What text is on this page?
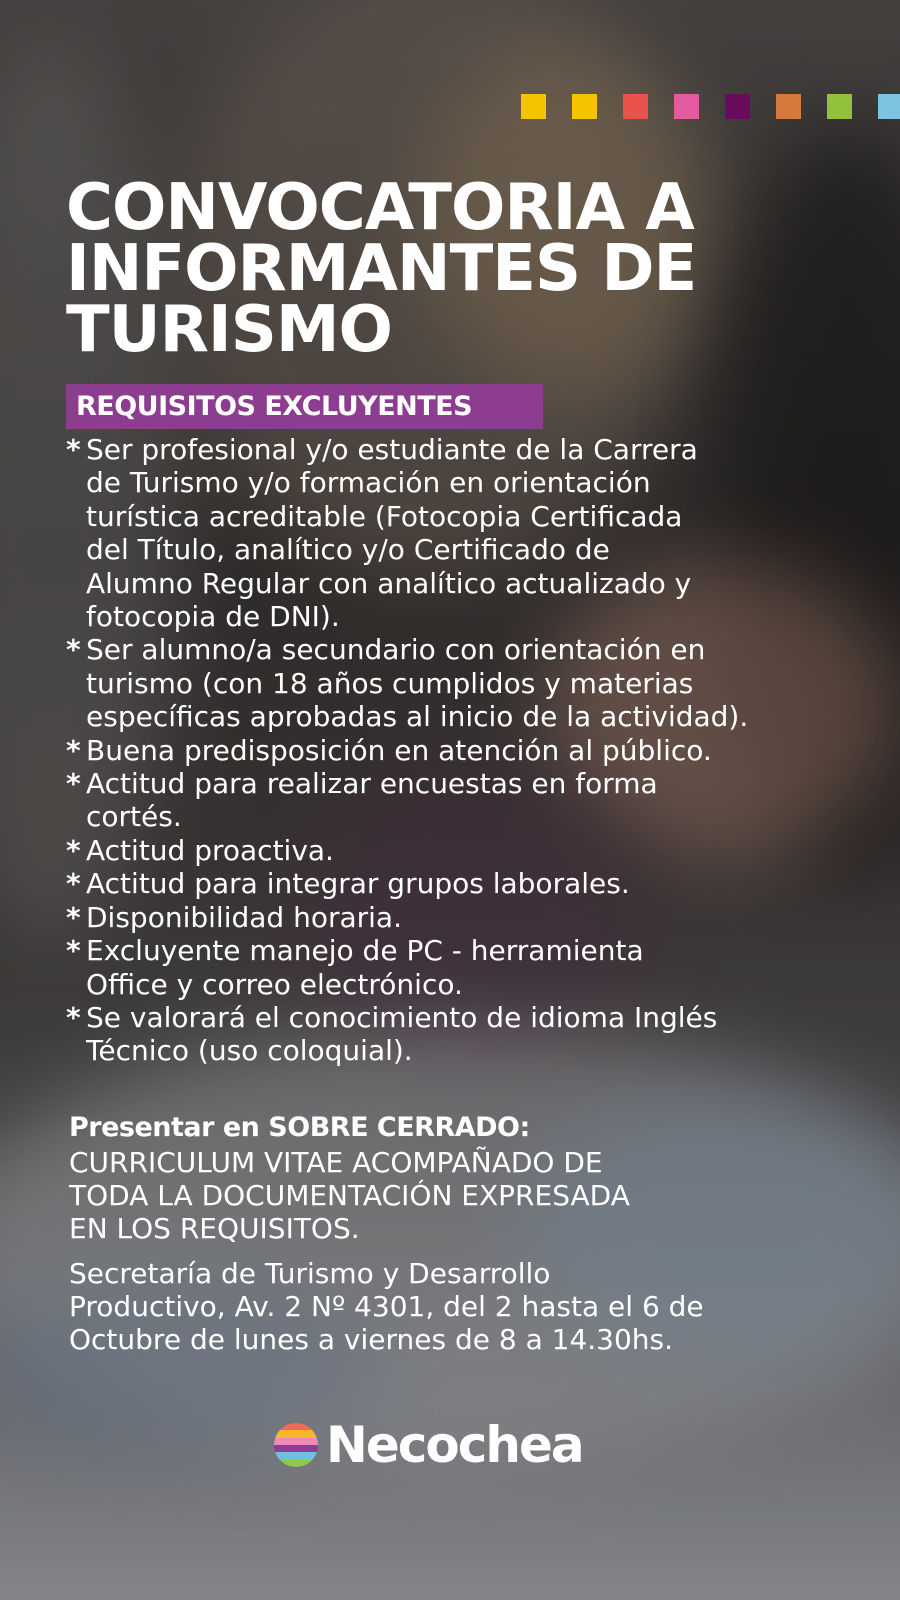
CONVOCATORIA A
INFORMANTES DE
TURISMO
REQUISITOS EXCLUYENTES
* Ser profesional y/o estudiante de la Carrera
de Turismo y/o formación en orientación
turística acreditable (Fotocopia Certificada
del Título, analítico y/o Certificado de
Alumno Regular con analítico actualizado y
fotocopia de DNI).
* Ser alumno/a secundario con orientación en
turismo (con 18 años cumplidos y materias
específicas aprobadas al inicio de la actividad).
* Buena predisposición en atención al público.
* Actitud para realizar encuestas en forma
cortés.
* Actitud proactiva.
* Actitud para integrar grupos laborales.
* Disponibilidad horaria.
* Excluyente manejo de PC - herramienta
Office y correo electrónico.
* Se valorará el conocimiento de idioma Inglés
Técnico (uso coloquial).
Presentar en SOBRE CERRADO:
CURRICULUM VITAE ACOMPAÑADO DE
TODA LA DOCUMENTACIÓN EXPRESADA
EN LOS REQUISITOS.
Secretaría de Turismo y Desarrollo
Productivo, Av. 2 Nº 4301, del 2 hasta el 6 de
Octubre de lunes a viernes de 8 a 14.30hs.
Necochea
